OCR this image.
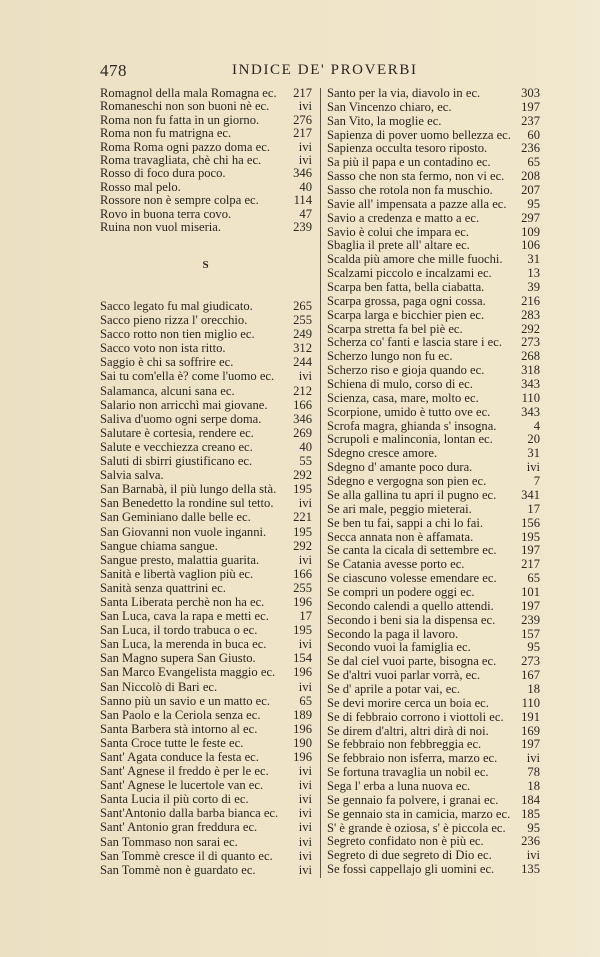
478	INDICE DE' PROVERBI
Romagnol della mala Romagna ec.	217
Romaneschi non son buoni nè ec.	ivi
Roma non fu fatta in un giorno.	276
Roma non fu matrigna ec.	217
Roma Roma ogni pazzo doma ec.	ivi
Roma travagliata, chè chi ha ec.	ivi
Rosso di foco dura poco.	346
Rosso mal pelo.	40
Rossore non è sempre colpa ec.	114
Rovo in buona terra covo.	47
Ruina non vuol miseria.	239
S
Sacco legato fu mal giudicato.	265
Sacco pieno rizza l' orecchio.	255
Sacco rotto non tien miglio ec.	249
Sacco voto non ista ritto.	312
Saggio è chi sa soffrire ec.	244
Sai tu com'ella è? come l'uomo ec.	ivi
Salamanca, alcuni sana ec.	212
Salario non arricchì mai giovane.	166
Saliva d'uomo ogni serpe doma.	346
Salutare è cortesia, rendere ec.	269
Salute e vecchiezza creano ec.	40
Saluti di sbirri giustificano ec.	55
Salvia salva.	292
San Barnabà, il più lungo della stà.	195
San Benedetto la rondine sul tetto.	ivi
San Geminiano dalle belle ec.	221
San Giovanni non vuole inganni.	195
Sangue chiama sangue.	292
Sangue presto, malattia guarita.	ivi
Sanità e libertà vaglion più ec.	166
Sanità senza quattrini ec.	255
Santa Liberata perchè non ha ec.	196
San Luca, cava la rapa e metti ec.	17
San Luca, il tordo trabuca o ec.	195
San Luca, la merenda in buca ec.	ivi
San Magno supera San Giusto.	154
San Marco Evangelista maggio ec.	196
San Niccolò di Bari ec.	ivi
Sanno più un savio e un matto ec.	65
San Paolo e la Ceriola senza ec.	189
Santa Barbera stà intorno al ec.	196
Santa Croce tutte le feste ec.	190
Sant' Agata conduce la festa ec.	196
Sant' Agnese il freddo è per le ec.	ivi
Sant' Agnese le lucertole van ec.	ivi
Santa Lucia il più corto di ec.	ivi
Sant'Antonio dalla barba bianca ec.	ivi
Sant' Antonio gran freddura ec.	ivi
San Tommaso non sarai ec.	ivi
San Tommè cresce il di quanto ec.	ivi
San Tommè non è guardato ec.	ivi
Santo per la via, diavolo in ec.	303
San Vincenzo chiaro, ec.	197
San Vito, la moglie ec.	237
Sapienza di pover uomo bellezza ec.	60
Sapienza occulta tesoro riposto.	236
Sa più il papa e un contadino ec.	65
Sasso che non sta fermo, non vi ec.	208
Sasso che rotola non fa muschio.	207
Savie all' impensata a pazze alla ec.	95
Savio a credenza e matto a ec.	297
Savio è colui che impara ec.	109
Sbaglia il prete all' altare ec.	106
Scalda più amore che mille fuochi.	31
Scalzami piccolo e incalzami ec.	13
Scarpa ben fatta, bella ciabatta.	39
Scarpa grossa, paga ogni cossa.	216
Scarpa larga e bicchier pien ec.	283
Scarpa stretta fa bel piè ec.	292
Scherza co' fanti e lascia stare i ec.	273
Scherzo lungo non fu ec.	268
Scherzo riso e gioja quando ec.	318
Schiena di mulo, corso di ec.	343
Scienza, casa, mare, molto ec.	110
Scorpione, umido è tutto ove ec.	343
Scrofa magra, ghianda s' insogna.	4
Scrupoli e malinconia, lontan ec.	20
Sdegno cresce amore.	31
Sdegno d' amante poco dura.	ivi
Sdegno e vergogna son pien ec.	7
Se alla gallina tu apri il pugno ec.	341
Se ari male, peggio mieterai.	17
Se ben tu fai, sappi a chi lo fai.	156
Secca annata non è affamata.	195
Se canta la cicala di settembre ec.	197
Se Catania avesse porto ec.	217
Se ciascuno volesse emendare ec.	65
Se compri un podere oggi ec.	101
Secondo calendi a quello attendi.	197
Secondo i beni sia la dispensa ec.	239
Secondo la paga il lavoro.	157
Secondo vuoi la famiglia ec.	95
Se dal ciel vuoi parte, bisogna ec.	273
Se d'altri vuoi parlar vorrà, ec.	167
Se d' aprile a potar vai, ec.	18
Se devi morire cerca un boia ec.	110
Se di febbraio corrono i viottoli ec.	191
Se direm d'altri, altri dirà di noi.	169
Se febbraio non febbreggia ec.	197
Se febbraio non isferra, marzo ec.	ivi
Se fortuna travaglia un nobil ec.	78
Sega l' erba a luna nuova ec.	18
Se gennaio fa polvere, i granai ec.	184
Se gennaio sta in camicia, marzo ec. 185
S' è grande è oziosa, s' è piccola ec.	95
Segreto confidato non è più ec.	236
Segreto di due segreto di Dio ec.	ivi
Se fossi cappellajo gli uomini ec.	135
